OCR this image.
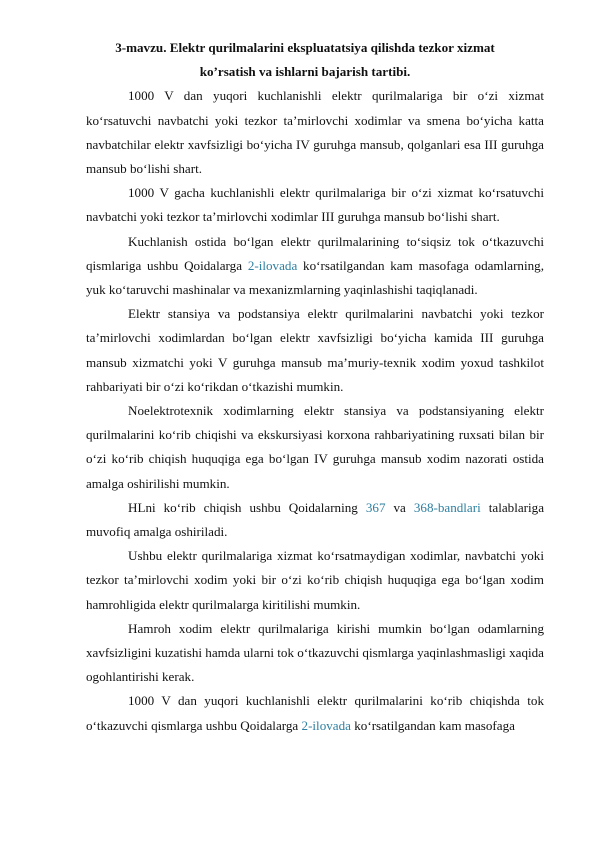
3-mavzu. Elektr qurilmalarini ekspluatatsiya qilishda tezkor xizmat
ko’rsatish va ishlarni bajarish tartibi.

1000 V dan yuqori kuchlanishli elektr qurilmalariga bir o‘zi xizmat ko‘rsatuvchi navbatchi yoki tezkor ta’mirlovchi xodimlar va smena bo‘yicha katta navbatchilar elektr xavfsizligi bo‘yicha IV guruhga mansub, qolganlari esa III guruhga mansub bo‘lishi shart.

1000 V gacha kuchlanishli elektr qurilmalariga bir o‘zi xizmat ko‘rsatuvchi navbatchi yoki tezkor ta’mirlovchi xodimlar III guruhga mansub bo‘lishi shart.

Kuchlanish ostida bo‘lgan elektr qurilmalarining to‘siqsiz tok o‘tkazuvchi qismlariga ushbu Qoidalarga 2-ilovada ko‘rsatilgandan kam masofaga odamlarning, yuk ko‘taruvchi mashinalar va mexanizmlarning yaqinlashishi taqiqlanadi.

Elektr stansiya va podstansiya elektr qurilmalarini navbatchi yoki tezkor ta’mirlovchi xodimlardan bo‘lgan elektr xavfsizligi bo‘yicha kamida III guruhga mansub xizmatchi yoki V guruhga mansub ma’muriy-texnik xodim yoxud tashkilot rahbariyati bir o‘zi ko‘rikdan o‘tkazishi mumkin.

Noelektrotexnik xodimlarning elektr stansiya va podstansiyaning elektr qurilmalarini ko‘rib chiqishi va ekskursiyasi korxona rahbariyatining ruxsati bilan bir o‘zi ko‘rib chiqish huquqiga ega bo‘lgan IV guruhga mansub xodim nazorati ostida amalga oshirilishi mumkin.

HLni ko‘rib chiqish ushbu Qoidalarning 367 va 368-bandlari talablariga muvofiq amalga oshiriladi.

Ushbu elektr qurilmalariga xizmat ko‘rsatmaydigan xodimlar, navbatchi yoki tezkor ta’mirlovchi xodim yoki bir o‘zi ko‘rib chiqish huquqiga ega bo‘lgan xodim hamrohligida elektr qurilmalarga kiritilishi mumkin.

Hamroh xodim elektr qurilmalariga kirishi mumkin bo‘lgan odamlarning xavfsizligini kuzatishi hamda ularni tok o‘tkazuvchi qismlarga yaqinlashmasligi xaqida ogohlantirishi kerak.

1000 V dan yuqori kuchlanishli elektr qurilmalarini ko‘rib chiqishda tok o‘tkazuvchi qismlarga ushbu Qoidalarga 2-ilovada ko‘rsatilgandan kam masofaga
